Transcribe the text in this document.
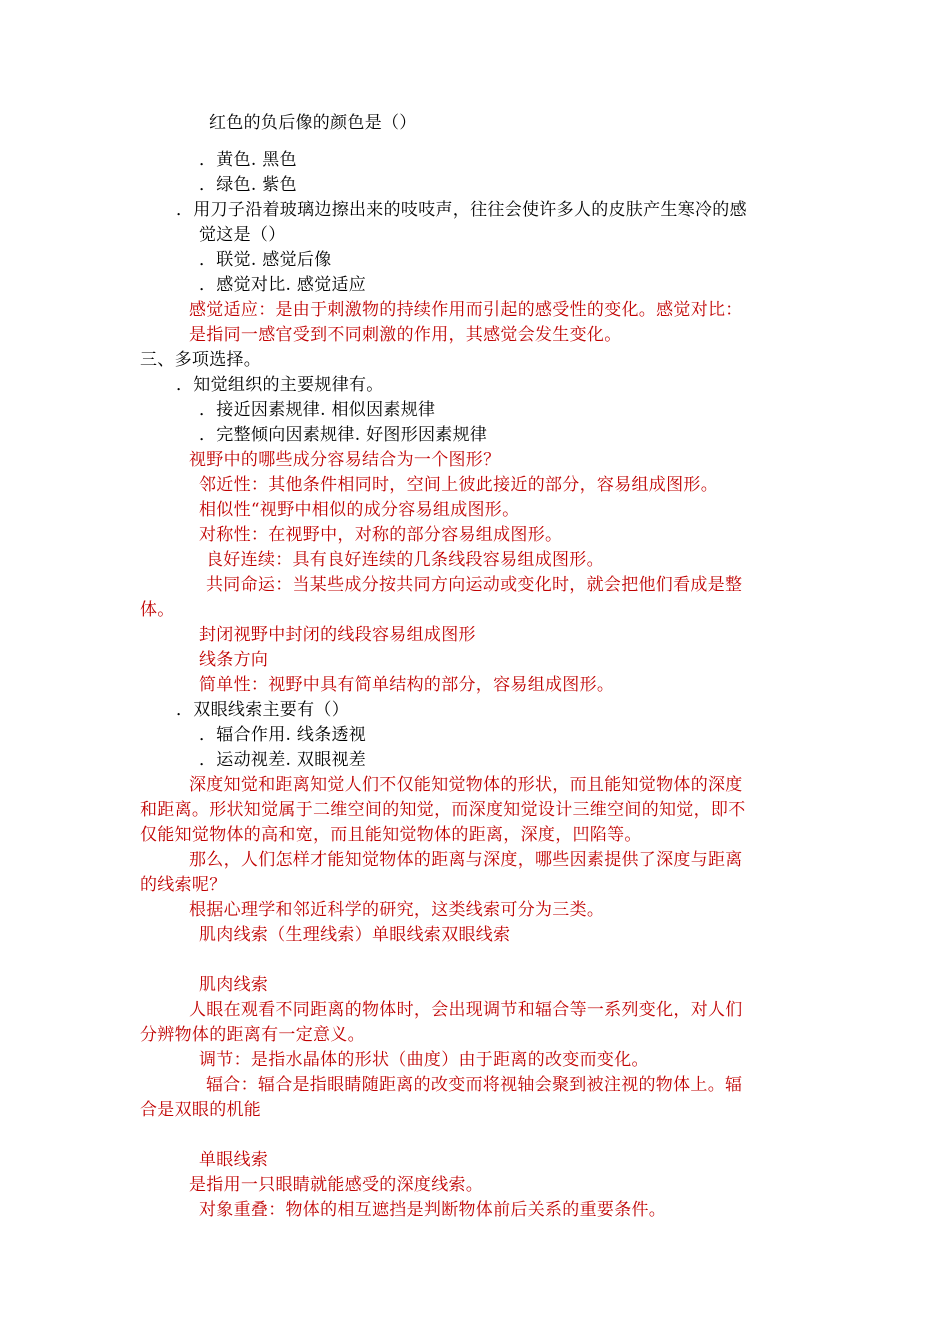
红色的负后像的颜色是（）
．黄色. 黑色
．绿色. 紫色
．用刀子沿着玻璃边擦出来的吱吱声，往往会使许多人的皮肤产生寒冷的感
觉这是（）
．联觉. 感觉后像
．感觉对比. 感觉适应
感觉适应：是由于刺激物的持续作用而引起的感受性的变化。感觉对比：
是指同一感官受到不同刺激的作用，其感觉会发生变化。
三、多项选择。
．知觉组织的主要规律有。
．接近因素规律. 相似因素规律
．完整倾向因素规律. 好图形因素规律
视野中的哪些成分容易结合为一个图形？
邻近性：其他条件相同时，空间上彼此接近的部分，容易组成图形。
相似性“视野中相似的成分容易组成图形。
对称性：在视野中，对称的部分容易组成图形。
良好连续：具有良好连续的几条线段容易组成图形。
共同命运：当某些成分按共同方向运动或变化时，就会把他们看成是整
体。
封闭视野中封闭的线段容易组成图形
线条方向
简单性：视野中具有简单结构的部分，容易组成图形。
．双眼线索主要有（）
．辐合作用. 线条透视
．运动视差. 双眼视差
深度知觉和距离知觉人们不仅能知觉物体的形状，而且能知觉物体的深度
和距离。形状知觉属于二维空间的知觉，而深度知觉设计三维空间的知觉，即不
仅能知觉物体的高和宽，而且能知觉物体的距离，深度，凹陷等。
那么，人们怎样才能知觉物体的距离与深度，哪些因素提供了深度与距离
的线索呢？
根据心理学和邻近科学的研究，这类线索可分为三类。
肌肉线索（生理线索）单眼线索双眼线索
肌肉线索
人眼在观看不同距离的物体时，会出现调节和辐合等一系列变化，对人们
分辨物体的距离有一定意义。
调节：是指水晶体的形状（曲度）由于距离的改变而变化。
辐合：辐合是指眼睛随距离的改变而将视轴会聚到被注视的物体上。辐
合是双眼的机能
单眼线索
是指用一只眼睛就能感受的深度线索。
对象重叠：物体的相互遮挡是判断物体前后关系的重要条件。
